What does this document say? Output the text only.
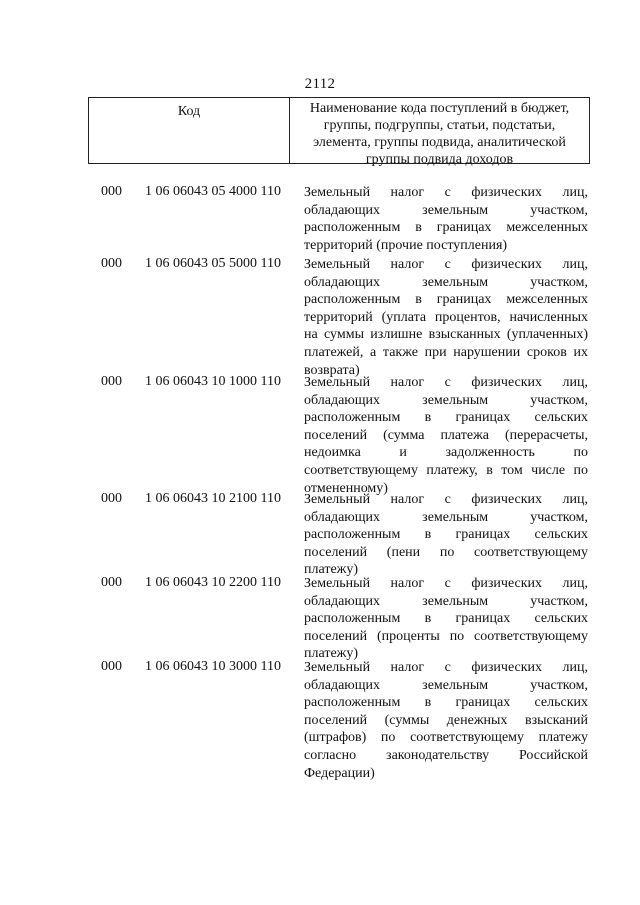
2112
Код	Наименование кода поступлений в бюджет,
группы, подгруппы, статьи, подстатьи,
элемента, группы подвида, аналитической
группы подвида доходов
000 1 06 06043 05 4000 110 Земельный налог с физических лиц,
обладающих земельным участком,
расположенным в границах межселенных
территорий (прочие поступления)
000 1 06 06043 05 5000 110 Земельный налог с физических лиц,
обладающих земельным участком,
расположенным в границах межселенных
территорий (уплата процентов, начисленных
на суммы излишне взысканных (уплаченных)
платежей, а также при нарушении сроков их
возврата)
000 1 06 06043 10 1000 110 Земельный налог с физических лиц,
обладающих земельным участком,
расположенным в границах сельских
поселений (сумма платежа (перерасчеты,
недоимка и задолженность по
соответствующему платежу, в том числе по
отмененному)
000 1 06 06043 10 2100 110 Земельный налог с физических лиц,
обладающих земельным участком,
расположенным в границах сельских
поселений (пени по соответствующему
платежу)
000 1 06 06043 10 2200 110 Земельный налог с физических лиц,
обладающих земельным участком,
расположенным в границах сельских
поселений (проценты по соответствующему
платежу)
000 1 06 06043 10 3000 110 Земельный налог с физических лиц,
обладающих земельным участком,
расположенным в границах сельских
поселений (суммы денежных взысканий
(штрафов) по соответствующему платежу
согласно законодательству Российской
Федерации)
